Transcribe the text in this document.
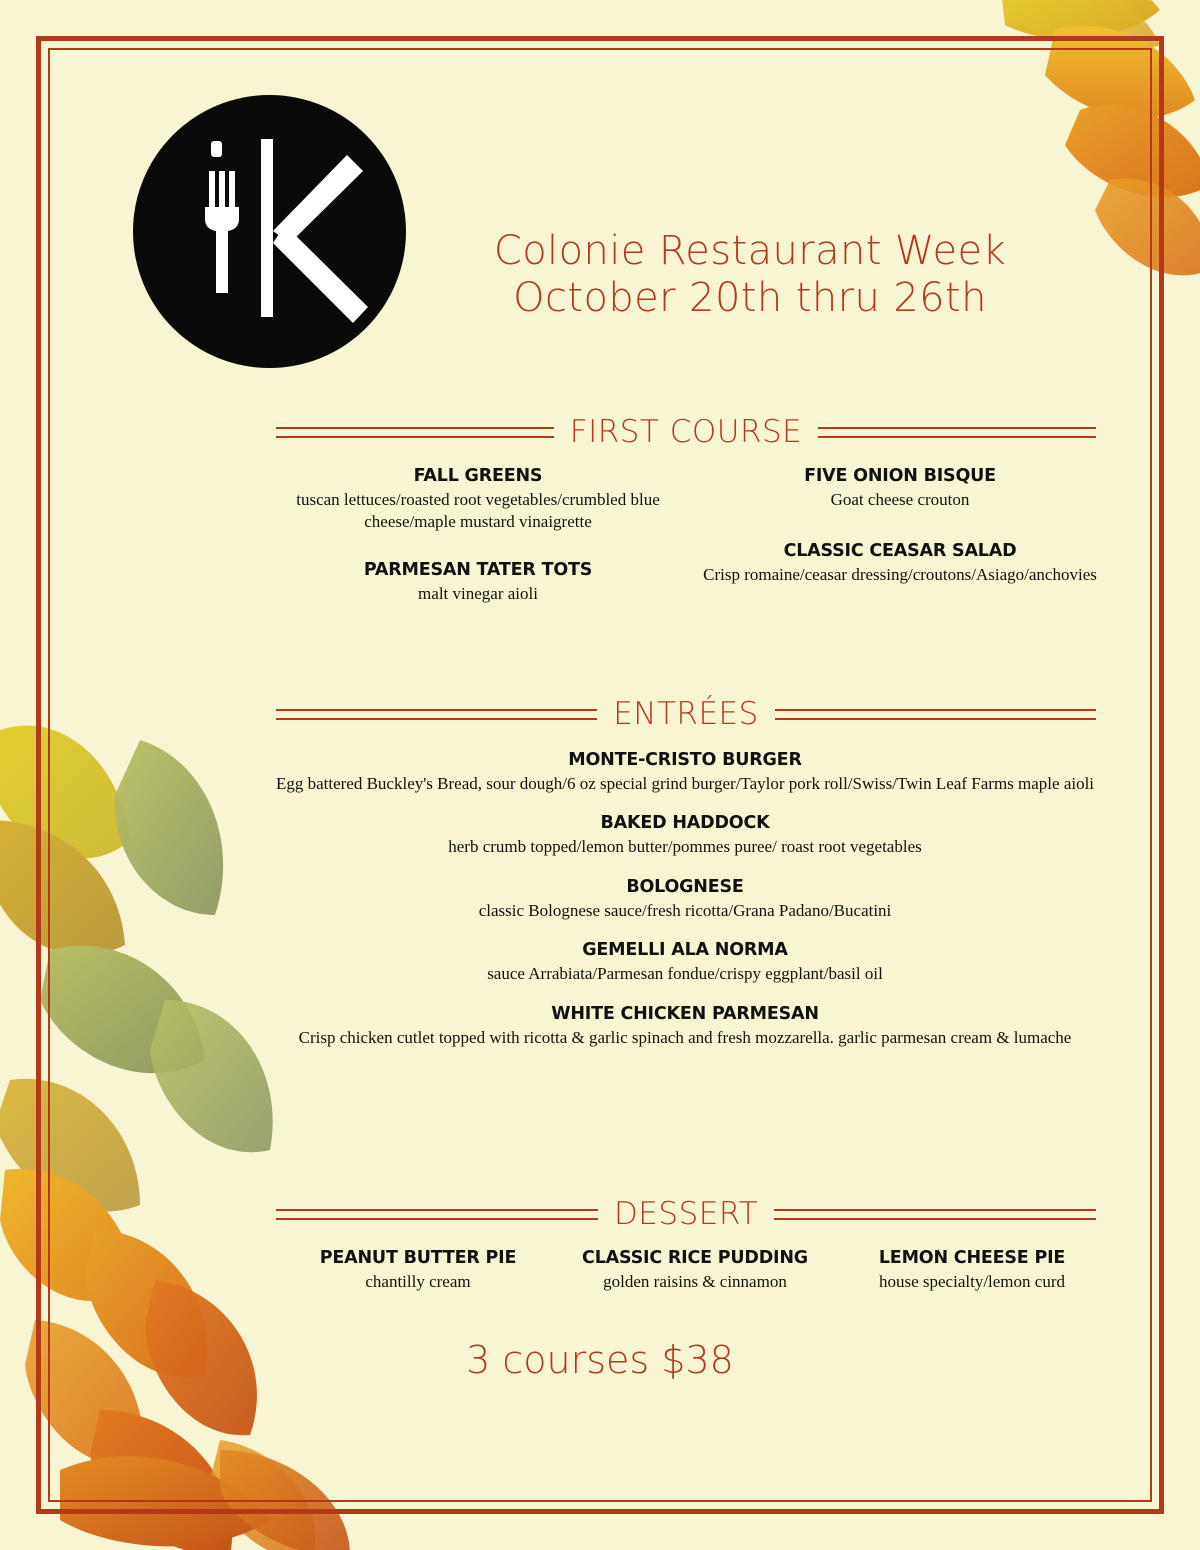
Colonie Restaurant Week
October 20th thru 26th
FIRST COURSE
FALL GREENS
tuscan lettuces/roasted root vegetables/crumbled blue cheese/maple mustard vinaigrette
PARMESAN TATER TOTS
malt vinegar aioli
FIVE ONION BISQUE
Goat cheese crouton
CLASSIC CEASAR SALAD
Crisp romaine/ceasar dressing/croutons/Asiago/anchovies
ENTRÉES
MONTE-CRISTO BURGER
Egg battered Buckley's Bread, sour dough/6 oz special grind burger/Taylor pork roll/Swiss/Twin Leaf Farms maple aioli
BAKED HADDOCK
herb crumb topped/lemon butter/pommes puree/ roast root vegetables
BOLOGNESE
classic Bolognese sauce/fresh ricotta/Grana Padano/Bucatini
GEMELLI ALA NORMA
sauce Arrabiata/Parmesan fondue/crispy eggplant/basil oil
WHITE CHICKEN PARMESAN
Crisp chicken cutlet topped with ricotta & garlic spinach and fresh mozzarella. garlic parmesan cream & lumache
DESSERT
PEANUT BUTTER PIE
chantilly cream
CLASSIC RICE PUDDING
golden raisins & cinnamon
LEMON CHEESE PIE
house specialty/lemon curd
3 courses $38
